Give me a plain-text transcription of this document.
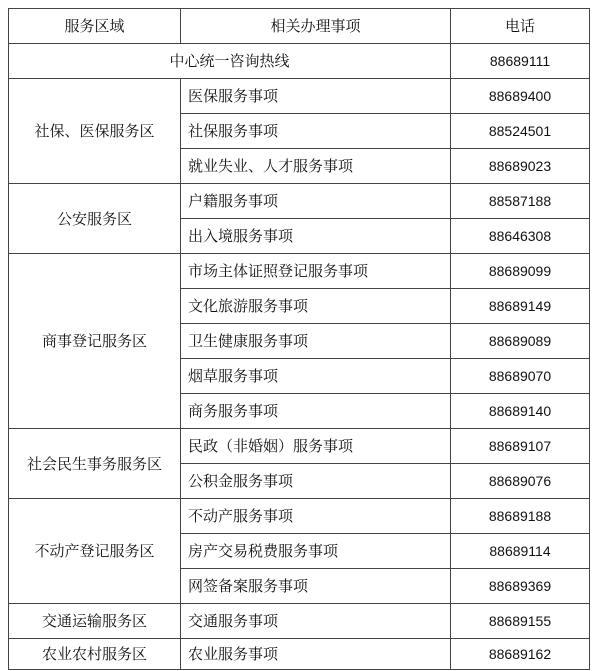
服务区域	相关办理事项	电话
中心统一咨询热线		88689111
社保、医保服务区	医保服务事项	88689400
	社保服务事项	88524501
	就业失业、人才服务事项	88689023
公安服务区	户籍服务事项	88587188
	出入境服务事项	88646308
商事登记服务区	市场主体证照登记服务事项	88689099
	文化旅游服务事项	88689149
	卫生健康服务事项	88689089
	烟草服务事项	88689070
	商务服务事项	88689140
社会民生事务服务区	民政（非婚姻）服务事项	88689107
	公积金服务事项	88689076
不动产登记服务区	不动产服务事项	88689188
	房产交易税费服务事项	88689114
	网签备案服务事项	88689369
交通运输服务区	交通服务事项	88689155
农业农村服务区	农业服务事项	88689162
